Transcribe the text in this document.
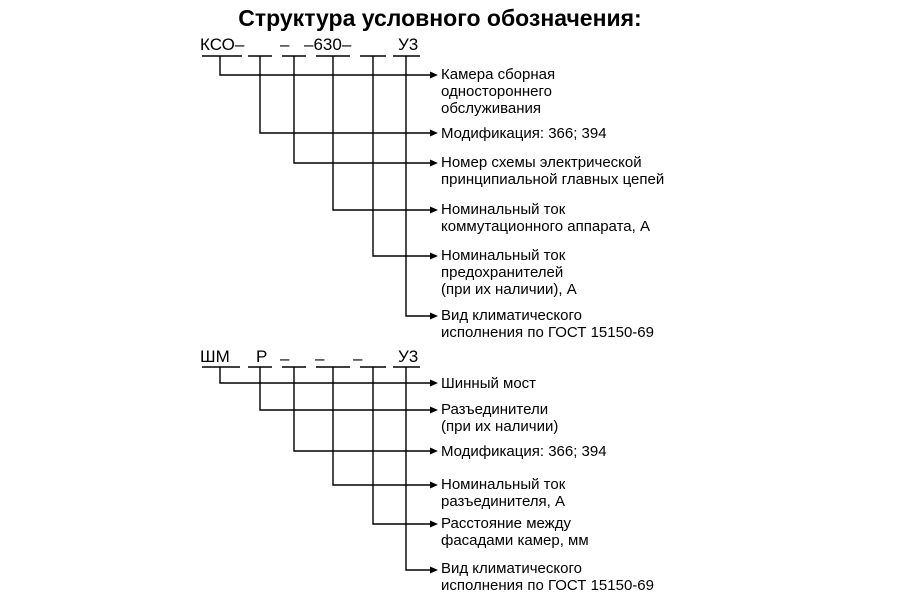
Структура условного обозначения:
КСО– – –630–	У3
Камера сборная одностороннего обслуживания
Модификация: 366; 394
Номер схемы электрической принципиальной главных цепей
Номинальный ток коммутационного аппарата, А
Номинальный ток предохранителей (при их наличии), А
Вид климатического исполнения по ГОСТ 15150-69
ШМ Р – – – У3
Шинный мост
Разъединители (при их наличии)
Модификация: 366; 394
Номинальный ток разъединителя, А
Расстояние между фасадами камер, мм
Вид климатического исполнения по ГОСТ 15150-69
